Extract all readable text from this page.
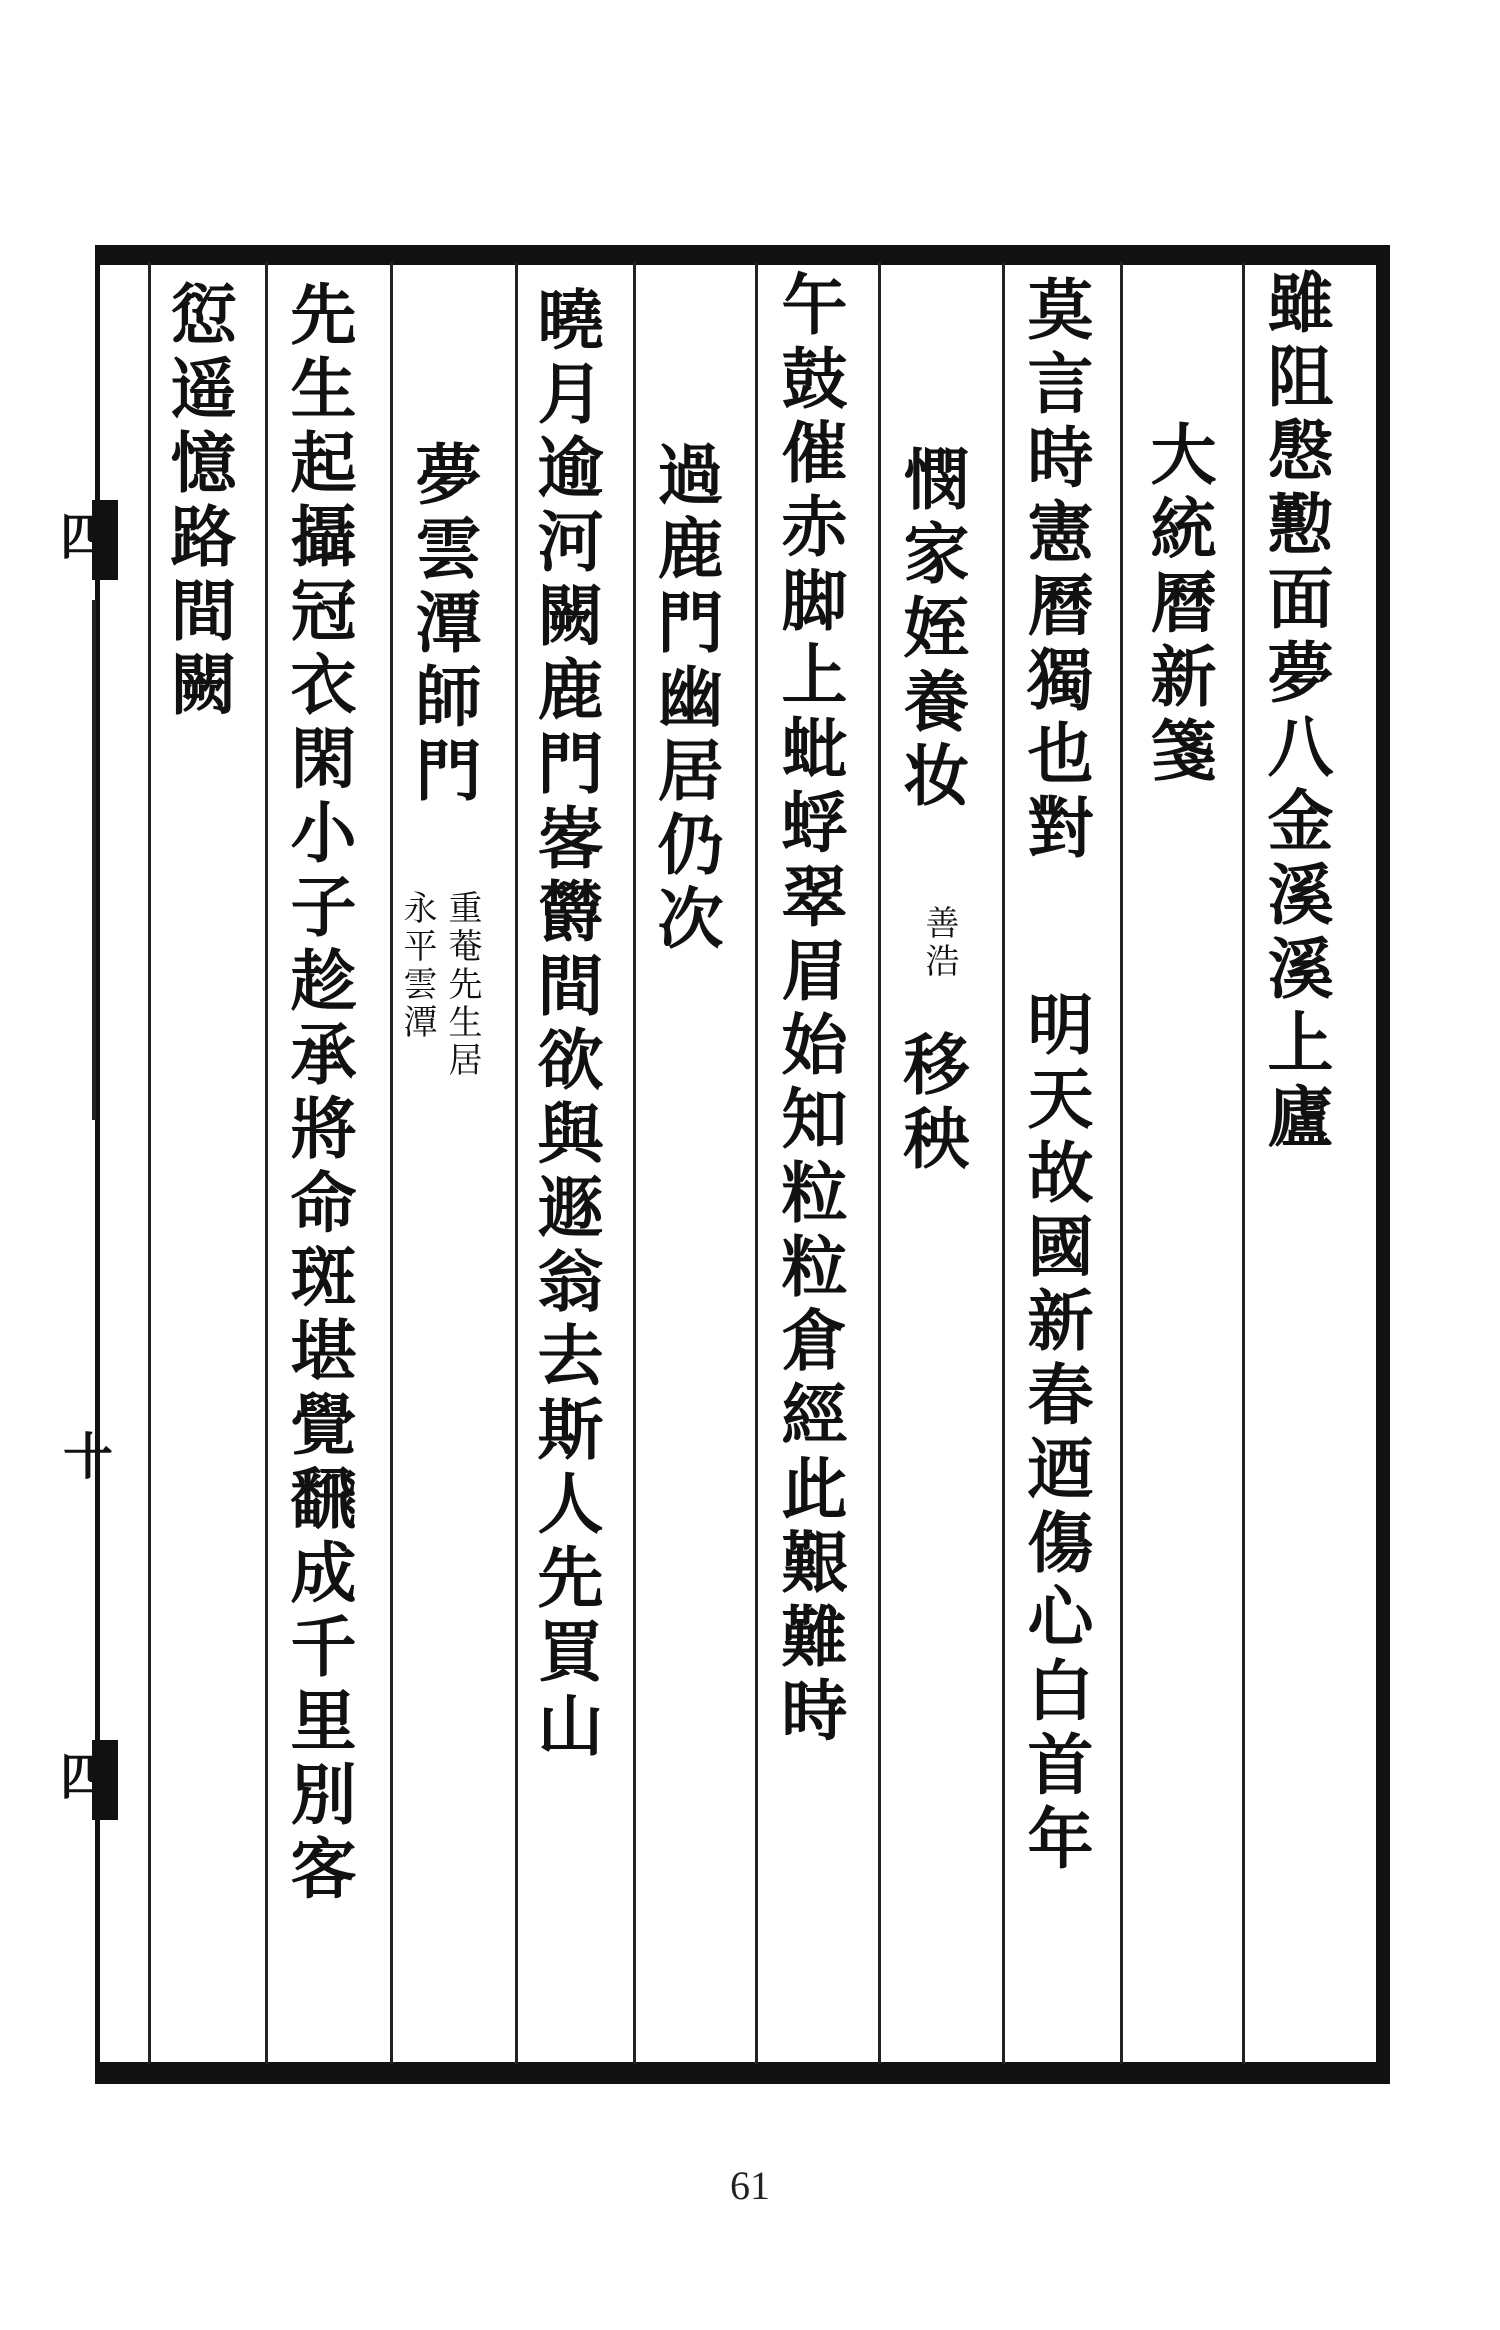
雖阻慇懃面夢八金溪溪上廬
大統曆新箋
莫言時憲曆獨也對
明天故國新春迺傷心白首年
憫家姪養妆
善浩
移秧
午鼓催赤脚上蚍蜉翠眉始知粒粒倉經此艱難時
過鹿門幽居仍次
曉月逾河闕鹿門㟯欝間欲與遯翁去斯人先買山
夢雲潭師門
重菴先生居
永平雲潭
先生起攝冠衣閑小子趁承將命斑堪覺飜成千里別客
愆遥憶路間闕
四
十
四
61
